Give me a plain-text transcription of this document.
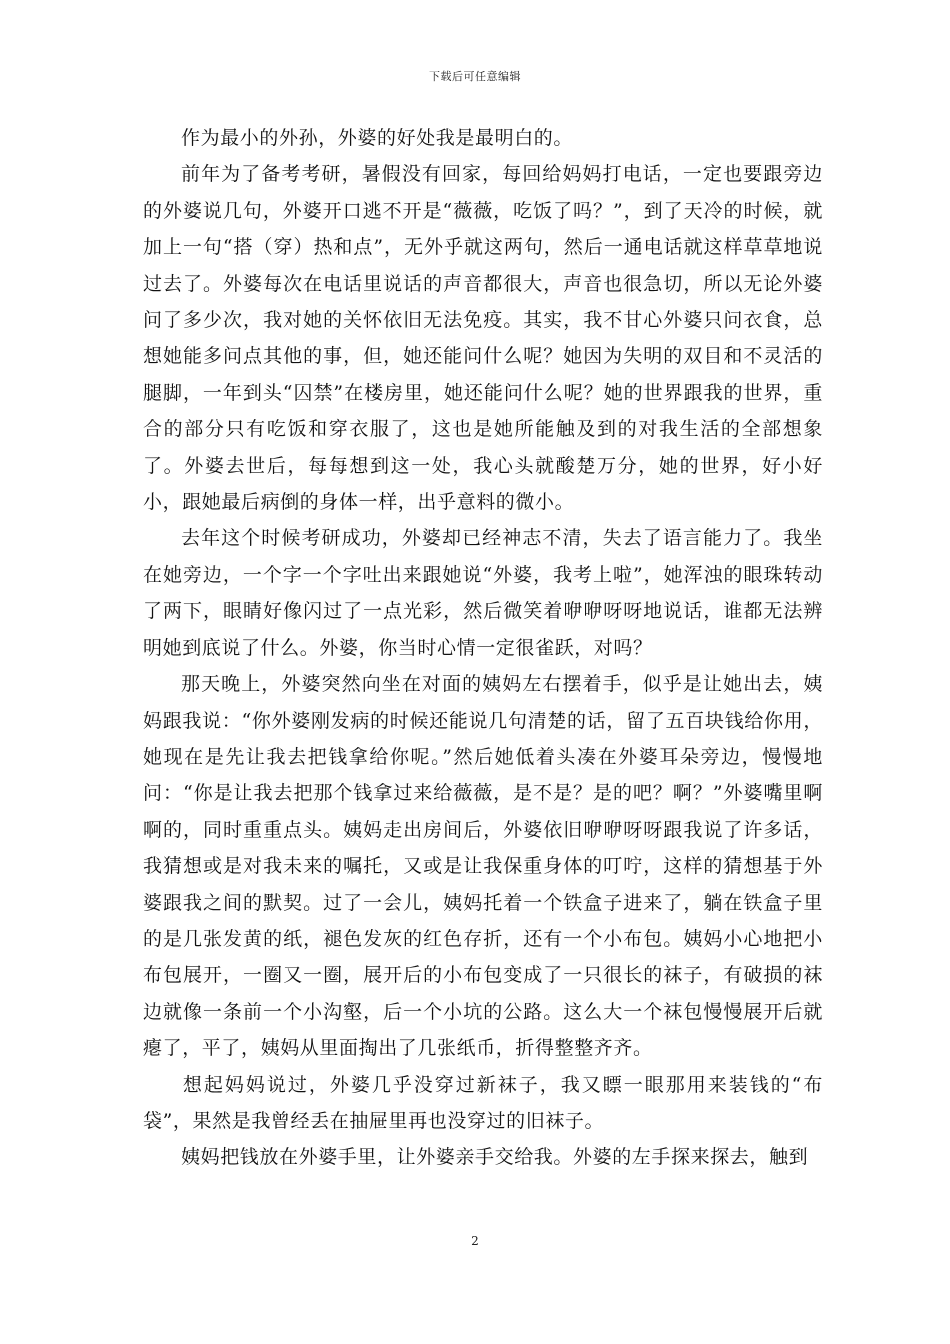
下载后可任意编辑

作为最小的外孙，外婆的好处我是最明白的。

前年为了备考考研，暑假没有回家，每回给妈妈打电话，一定也要跟旁边的外婆说几句，外婆开口逃不开是“薇薇，吃饭了吗？”，到了天冷的时候，就加上一句“搭（穿）热和点”，无外乎就这两句，然后一通电话就这样草草地说过去了。外婆每次在电话里说话的声音都很大，声音也很急切，所以无论外婆问了多少次，我对她的关怀依旧无法免疫。其实，我不甘心外婆只问衣食，总想她能多问点其他的事，但，她还能问什么呢？她因为失明的双目和不灵活的腿脚，一年到头“囚禁”在楼房里，她还能问什么呢？她的世界跟我的世界，重合的部分只有吃饭和穿衣服了，这也是她所能触及到的对我生活的全部想象了。外婆去世后，每每想到这一处，我心头就酸楚万分，她的世界，好小好小，跟她最后病倒的身体一样，出乎意料的微小。

去年这个时候考研成功，外婆却已经神志不清，失去了语言能力了。我坐在她旁边，一个字一个字吐出来跟她说“外婆，我考上啦”，她浑浊的眼珠转动了两下，眼睛好像闪过了一点光彩，然后微笑着咿咿呀呀地说话，谁都无法辨明她到底说了什么。外婆，你当时心情一定很雀跃，对吗？

那天晚上，外婆突然向坐在对面的姨妈左右摆着手，似乎是让她出去，姨妈跟我说：“你外婆刚发病的时候还能说几句清楚的话，留了五百块钱给你用，她现在是先让我去把钱拿给你呢。”然后她低着头凑在外婆耳朵旁边，慢慢地问：“你是让我去把那个钱拿过来给薇薇，是不是？是的吧？啊？”外婆嘴里啊啊的，同时重重点头。姨妈走出房间后，外婆依旧咿咿呀呀跟我说了许多话，我猜想或是对我未来的嘱托，又或是让我保重身体的叮咛，这样的猜想基于外婆跟我之间的默契。过了一会儿，姨妈托着一个铁盒子进来了，躺在铁盒子里的是几张发黄的纸，褪色发灰的红色存折，还有一个小布包。姨妈小心地把小布包展开，一圈又一圈，展开后的小布包变成了一只很长的袜子，有破损的袜边就像一条前一个小沟壑，后一个小坑的公路。这么大一个袜包慢慢展开后就瘪了，平了，姨妈从里面掏出了几张纸币，折得整整齐齐。

想起妈妈说过，外婆几乎没穿过新袜子，我又瞟一眼那用来装钱的“布袋”，果然是我曾经丢在抽屉里再也没穿过的旧袜子。

姨妈把钱放在外婆手里，让外婆亲手交给我。外婆的左手探来探去，触到

2
